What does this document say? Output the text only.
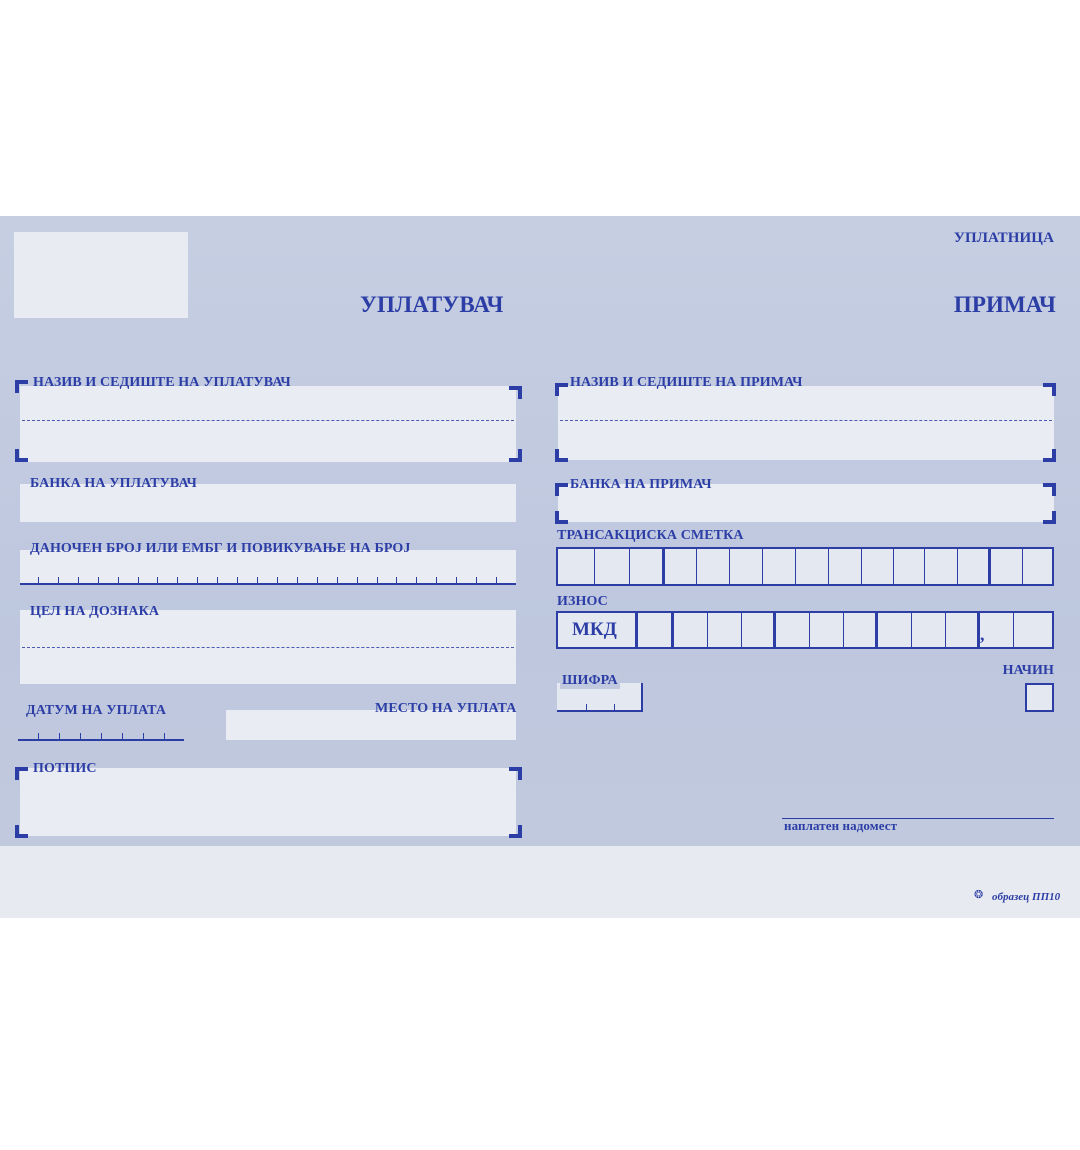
УПЛАТНИЦА
УПЛАТУВАЧ	ПРИМАЧ
НАЗИВ И СЕДИШТЕ НА УПЛАТУВАЧ
БАНКА НА УПЛАТУВАЧ
ДАНОЧЕН БРОЈ ИЛИ ЕМБГ И ПОВИКУВАЊЕ НА БРОЈ
ЦЕЛ НА ДОЗНАКА
ДАТУМ НА УПЛАТА	МЕСТО НА УПЛАТА
ПОТПИС
НАЗИВ И СЕДИШТЕ НА ПРИМАЧ
БАНКА НА ПРИМАЧ
ТРАНСАКЦИСКА СМЕТКА
ИЗНОС
МКД	,
ШИФРА
НАЧИН
наплатен надомест
❂ образец ПП10
